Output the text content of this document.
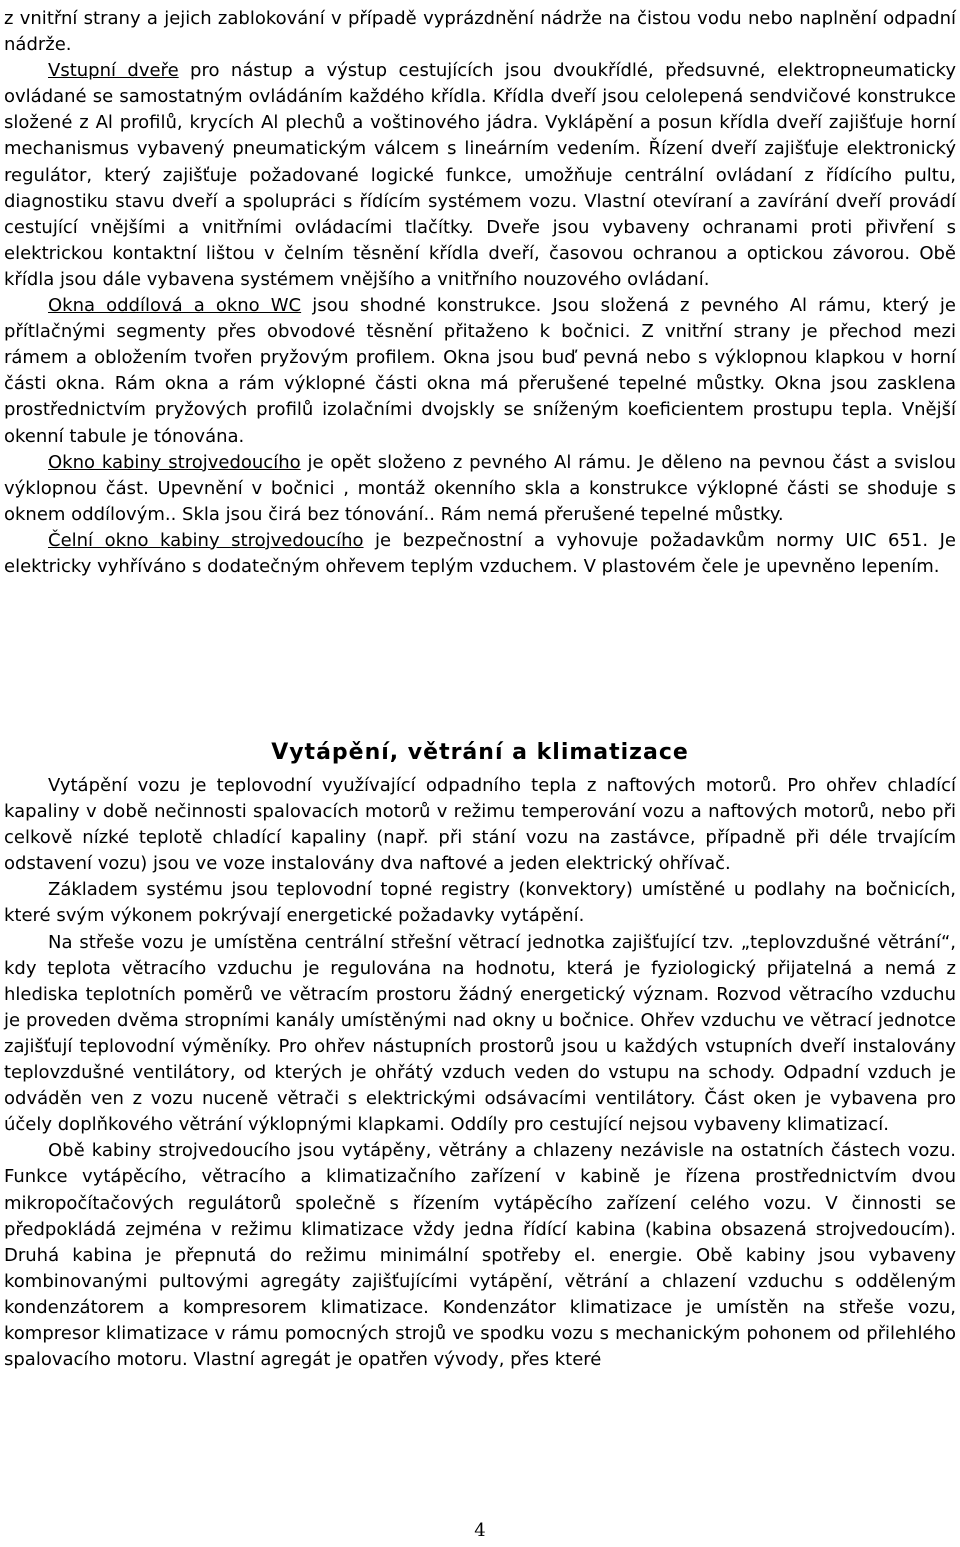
z vnitřní strany a jejich zablokování v případě vyprázdnění nádrže na čistou vodu nebo naplnění odpadní nádrže.

Vstupní dveře pro nástup a výstup cestujících jsou dvoukřídlé, předsuvné, elektropneumaticky ovládané se samostatným ovládáním každého křídla. Křídla dveří jsou celolepená sendvičové konstrukce složené z Al profilů, krycích Al plechů a voštinového jádra. Vyklápění a posun křídla dveří zajišťuje horní mechanismus vybavený pneumatickým válcem s lineárním vedením. Řízení dveří zajišťuje elektronický regulátor, který zajišťuje požadované logické funkce, umožňuje centrální ovládaní z řídícího pultu, diagnostiku stavu dveří a spolupráci s řídícím systémem vozu. Vlastní otevíraní a zavírání dveří provádí cestující vnějšími a vnitřními ovládacími tlačítky. Dveře jsou vybaveny ochranami proti přivření s elektrickou kontaktní lištou v čelním těsnění křídla dveří, časovou ochranou a optickou závorou. Obě křídla jsou dále vybavena systémem vnějšího a vnitřního nouzového ovládaní.

Okna oddílová a okno WC jsou shodné konstrukce. Jsou složená z pevného Al rámu, který je přítlačnými segmenty přes obvodové těsnění přitaženo k bočnici. Z vnitřní strany je přechod mezi rámem a obložením tvořen pryžovým profilem. Okna jsou buď pevná nebo s výklopnou klapkou v horní části okna. Rám okna a rám výklopné části okna má přerušené tepelné můstky. Okna jsou zasklena prostřednictvím pryžových profilů izolačními dvojskly se sníženým koeficientem prostupu tepla. Vnější okenní tabule je tónována.

Okno kabiny strojvedoucího je opět složeno z pevného Al rámu. Je děleno na pevnou část a svislou výklopnou část. Upevnění v bočnici , montáž okenního skla a konstrukce výklopné části se shoduje s oknem oddílovým.. Skla jsou čirá bez tónování.. Rám nemá přerušené tepelné můstky.

Čelní okno kabiny strojvedoucího je bezpečnostní a vyhovuje požadavkům normy UIC 651. Je elektricky vyhříváno s dodatečným ohřevem teplým vzduchem. V plastovém čele je upevněno lepením.

Vytápění, větrání a klimatizace

Vytápění vozu je teplovodní využívající odpadního tepla z naftových motorů. Pro ohřev chladící kapaliny v době nečinnosti spalovacích motorů v režimu temperování vozu a naftových motorů, nebo při celkově nízké teplotě chladící kapaliny (např. při stání vozu na zastávce, případně při déle trvajícím odstavení vozu) jsou ve voze instalovány dva naftové a jeden elektrický ohřívač.

Základem systému jsou teplovodní topné registry (konvektory) umístěné u podlahy na bočnicích, které svým výkonem pokrývají energetické požadavky vytápění.

Na střeše vozu je umístěna centrální střešní větrací jednotka zajišťující tzv. „teplovzdušné větrání“, kdy teplota větracího vzduchu je regulována na hodnotu, která je fyziologický přijatelná a nemá z hlediska teplotních poměrů ve větracím prostoru žádný energetický význam. Rozvod větracího vzduchu je proveden dvěma stropními kanály umístěnými nad okny u bočnice. Ohřev vzduchu ve větrací jednotce zajišťují teplovodní výměníky. Pro ohřev nástupních prostorů jsou u každých vstupních dveří instalovány teplovzdušné ventilátory, od kterých je ohřátý vzduch veden do vstupu na schody. Odpadní vzduch je odváděn ven z vozu nuceně větrači s elektrickými odsávacími ventilátory. Část oken je vybavena pro účely doplňkového větrání výklopnými klapkami. Oddíly pro cestující nejsou vybaveny klimatizací.

Obě kabiny strojvedoucího jsou vytápěny, větrány a chlazeny nezávisle na ostatních částech vozu. Funkce vytápěcího, větracího a klimatizačního zařízení v kabině je řízena prostřednictvím dvou mikropočítačových regulátorů společně s řízením vytápěcího zařízení celého vozu. V činnosti se předpokládá zejména v režimu klimatizace vždy jedna řídící kabina (kabina obsazená strojvedoucím). Druhá kabina je přepnutá do režimu minimální spotřeby el. energie. Obě kabiny jsou vybaveny kombinovanými pultovými agregáty zajišťujícími vytápění, větrání a chlazení vzduchu s odděleným kondenzátorem a kompresorem klimatizace. Kondenzátor klimatizace je umístěn na střeše vozu, kompresor klimatizace v rámu pomocných strojů ve spodku vozu s mechanickým pohonem od přilehlého spalovacího motoru. Vlastní agregát je opatřen vývody, přes které

4
